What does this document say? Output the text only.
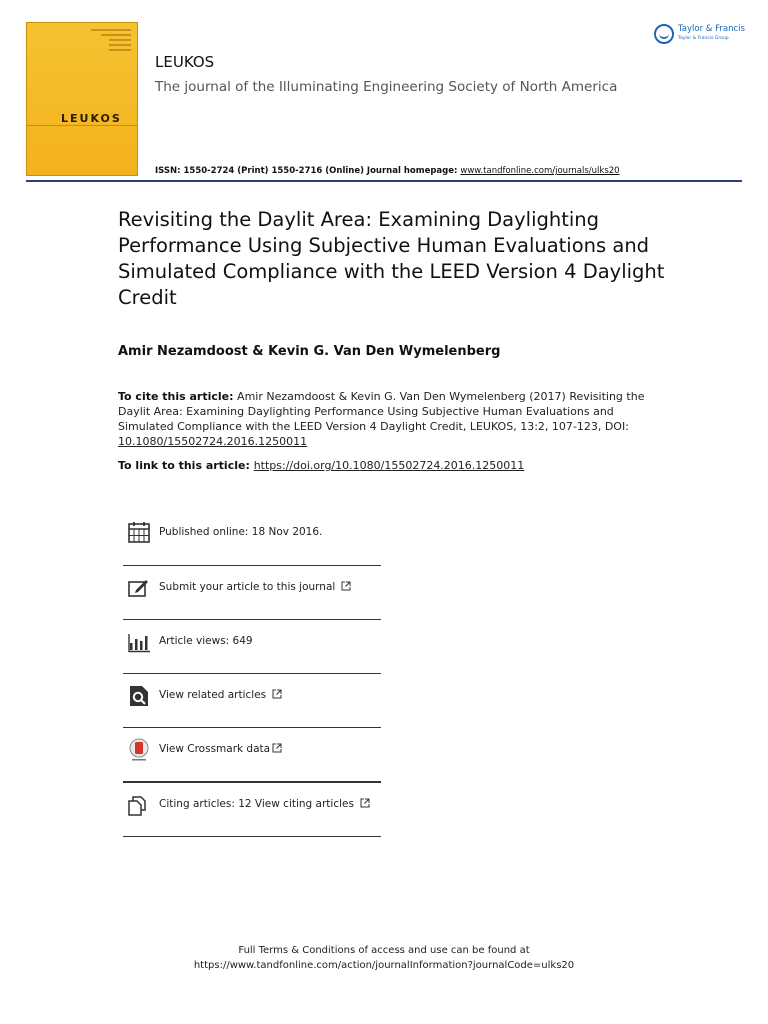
LEUKOS
LEUKOS
The journal of the Illuminating Engineering Society of North America
ISSN: 1550-2724 (Print) 1550-2716 (Online) Journal homepage: www.tandfonline.com/journals/ulks20
Taylor & Francis
Taylor & Francis Group
Revisiting the Daylit Area: Examining Daylighting Performance Using Subjective Human Evaluations and Simulated Compliance with the LEED Version 4 Daylight Credit
Amir Nezamdoost & Kevin G. Van Den Wymelenberg
To cite this article: Amir Nezamdoost & Kevin G. Van Den Wymelenberg (2017) Revisiting the Daylit Area: Examining Daylighting Performance Using Subjective Human Evaluations and Simulated Compliance with the LEED Version 4 Daylight Credit, LEUKOS, 13:2, 107-123, DOI: 10.1080/15502724.2016.1250011
To link to this article: https://doi.org/10.1080/15502724.2016.1250011
Published online: 18 Nov 2016.
Submit your article to this journal
Article views: 649
View related articles
View Crossmark data
Citing articles: 12 View citing articles
Full Terms & Conditions of access and use can be found at
https://www.tandfonline.com/action/journalInformation?journalCode=ulks20
